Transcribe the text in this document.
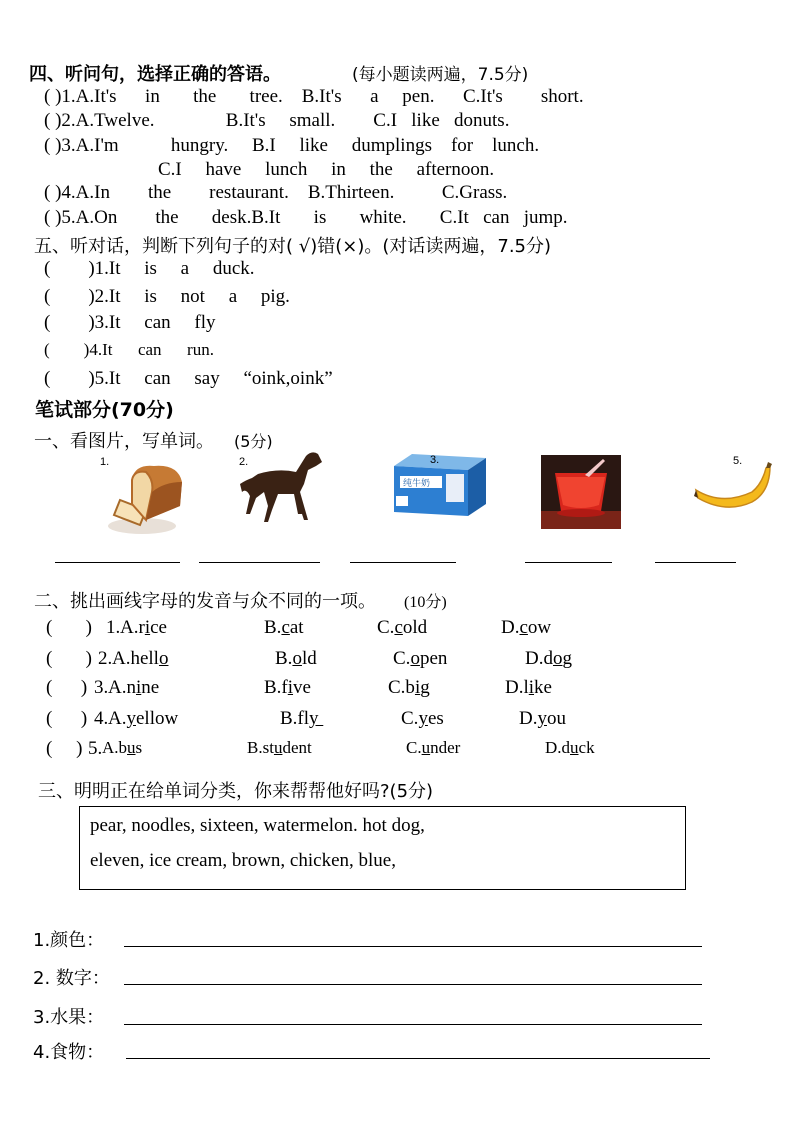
四、听问句，选择正确的答语。	(每小题读两遍，7.5分)
( )1.A.It's      in       the       tree.    B.It's      a     pen.      C.It's        short.
( )2.A.Twelve.               B.It's     small.        C.I   like   donuts.
( )3.A.I'm           hungry.     B.I     like     dumplings    for    lunch.
C.I     have     lunch     in     the     afternoon.
( )4.A.In        the        restaurant.    B.Thirteen.          C.Grass.
( )5.A.On        the       desk.B.It       is       white.       C.It   can   jump.
五、听对话，判断下列句子的对( √)错(×)。(对话读两遍，7.5分)
(        )1.It     is     a     duck.
(        )2.It     is     not     a     pig.
(        )3.It     can     fly
(        )4.It      can      run.
(        )5.It     can     say     “oink,oink”
笔试部分(70分)
一、看图片，写单词。 (5分)
1.	2.	5.
纯牛奶
3.
二、挑出画线字母的发音与众不同的一项。 (10分)
(       ) 1. A.rice	B.cat	C.cold	D.cow
(       ) 2. A.hello	B.old	C.open	D.dog
(      ) 3. A.nine	B.five	C.big	D.like
(      ) 4. A.yellow	B.fly	C.yes	D.you
(     ) 5. A.bus	B.student	C.under	D.duck
三、明明正在给单词分类，你来帮帮他好吗?(5分)
pear, noodles, sixteen, watermelon. hot dog,
eleven, ice cream, brown, chicken, blue,
1.颜色：
2. 数字：
3.水果：
4.食物：
